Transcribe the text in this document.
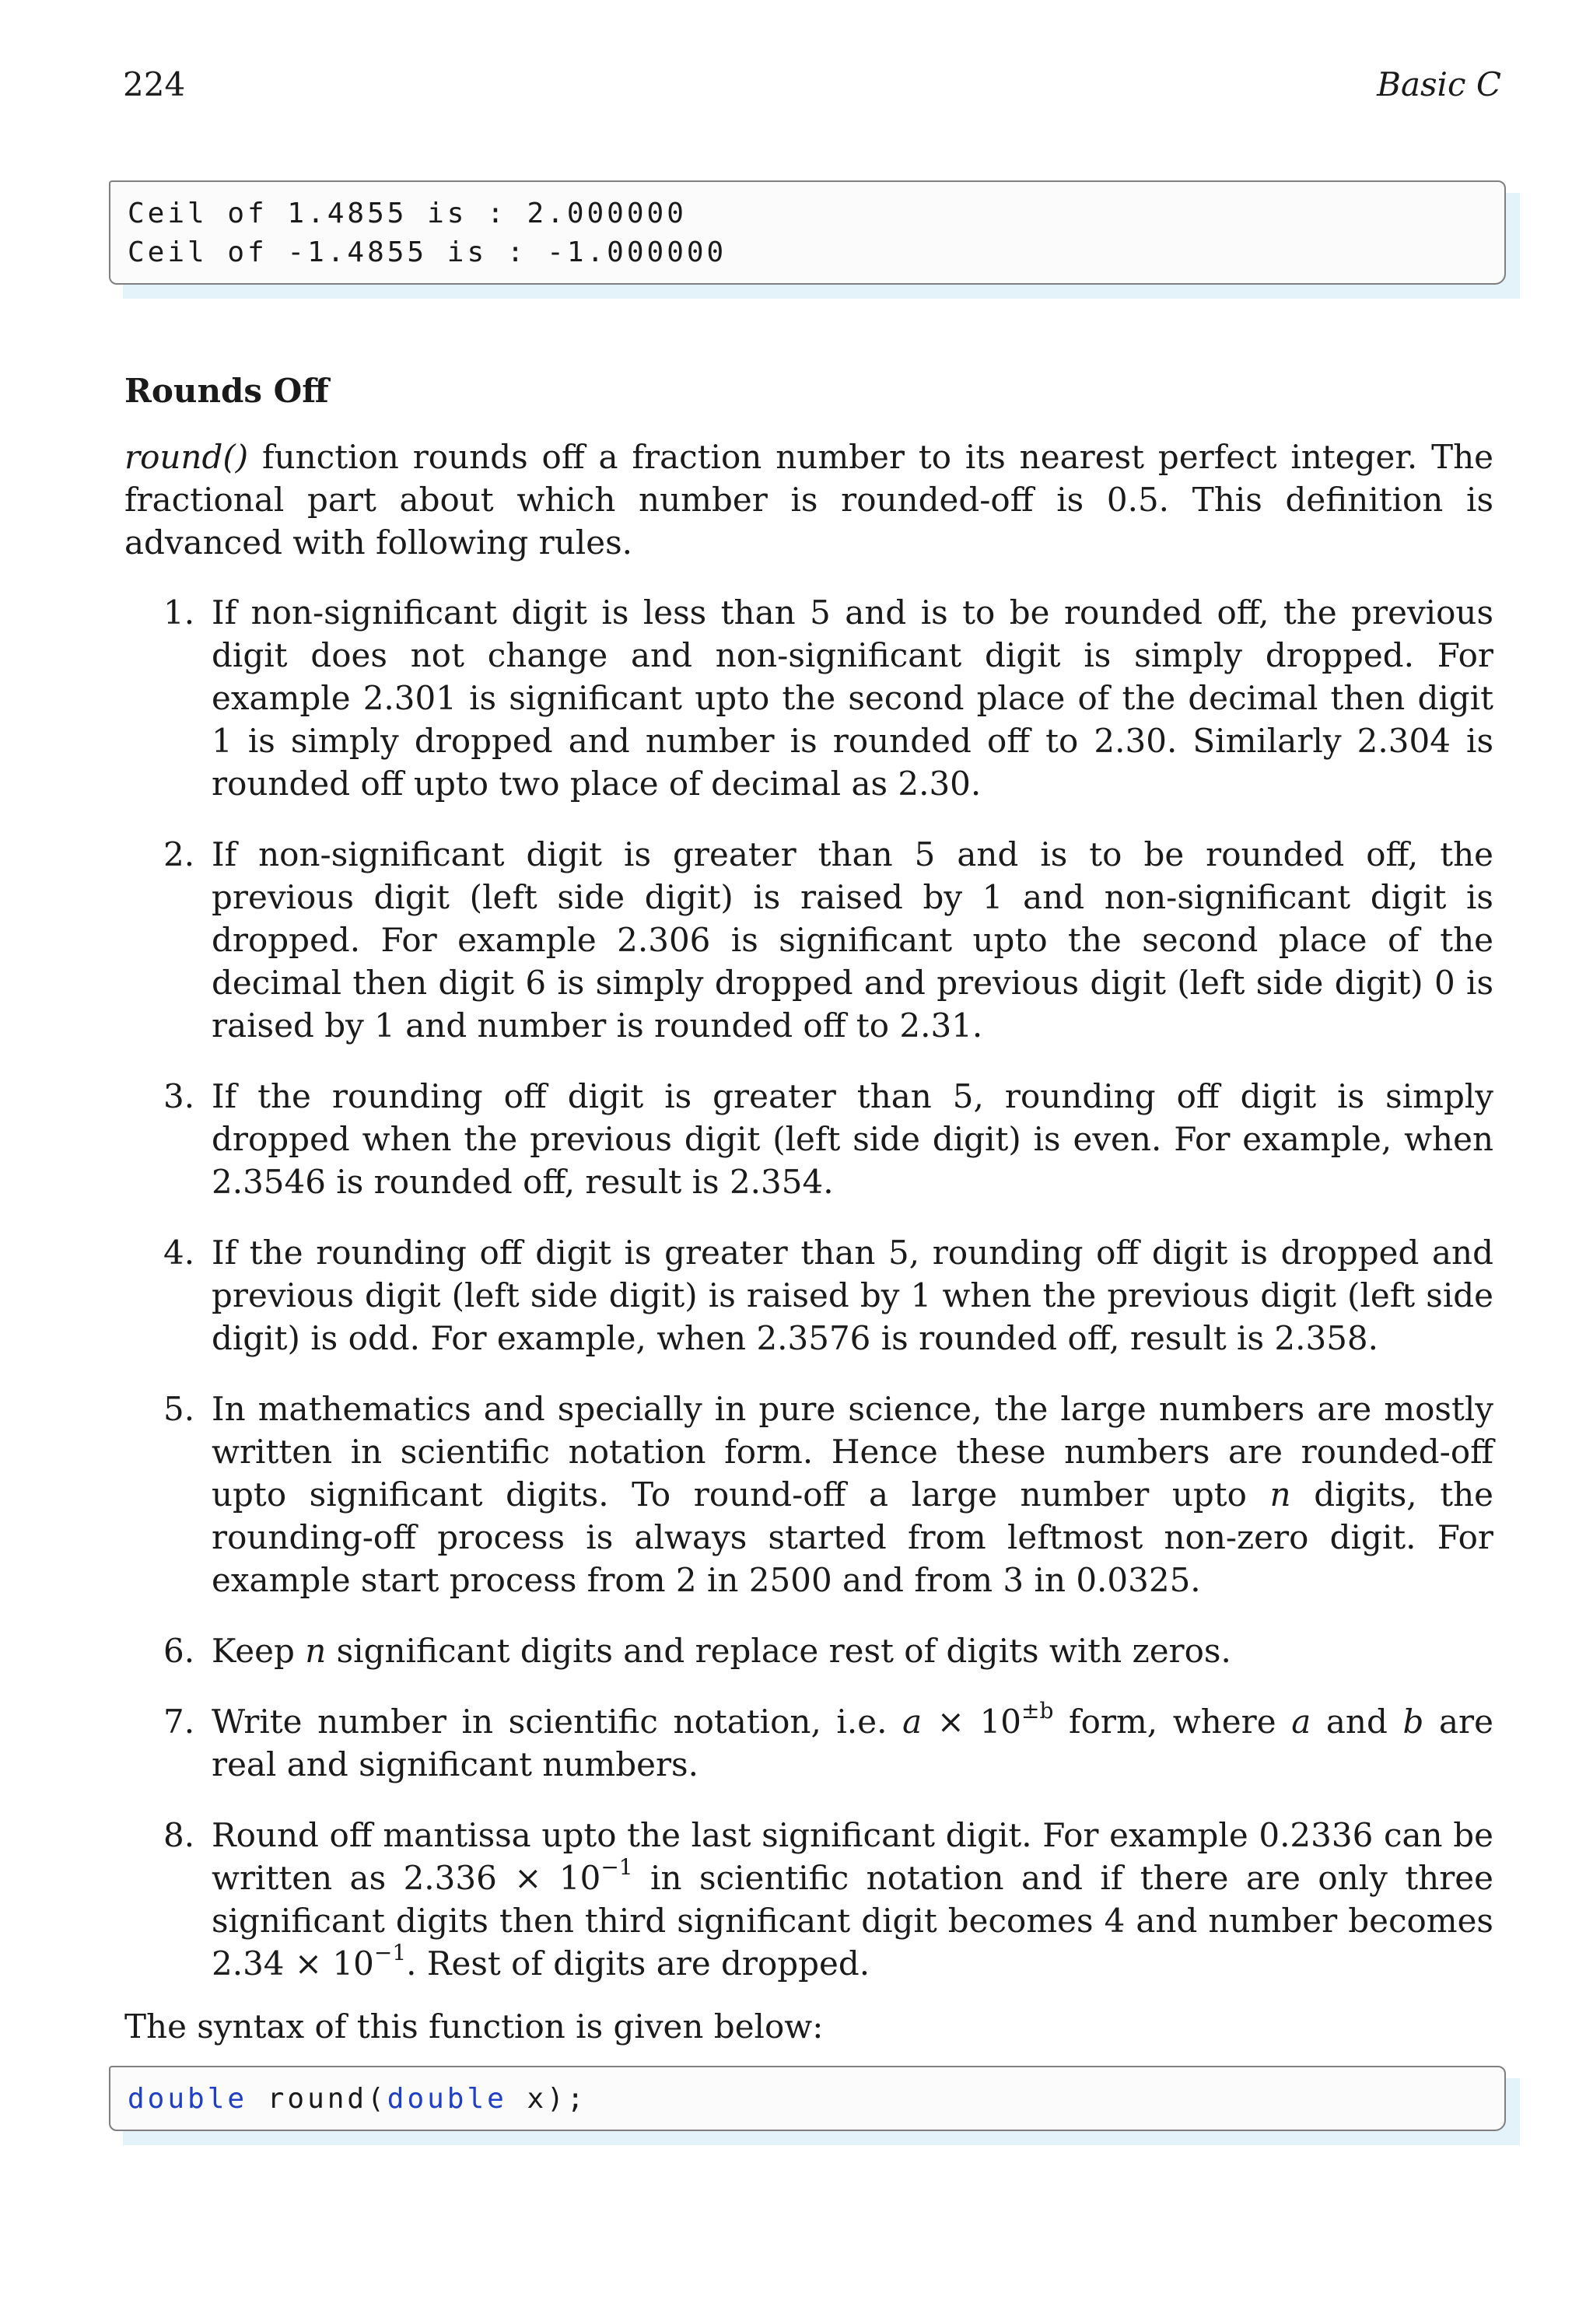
224	Basic C
Ceil of 1.4855 is : 2.000000
Ceil of -1.4855 is : -1.000000
Rounds Off
round() function rounds off a fraction number to its nearest perfect integer. The fractional part about which number is rounded-off is 0.5. This definition is advanced with following rules.
1. If non-significant digit is less than 5 and is to be rounded off, the previous digit does not change and non-significant digit is simply dropped. For example 2.301 is significant upto the second place of the decimal then digit 1 is simply dropped and number is rounded off to 2.30. Similarly 2.304 is rounded off upto two place of decimal as 2.30.
2. If non-significant digit is greater than 5 and is to be rounded off, the previous digit (left side digit) is raised by 1 and non-significant digit is dropped. For example 2.306 is significant upto the second place of the decimal then digit 6 is simply dropped and previous digit (left side digit) 0 is raised by 1 and number is rounded off to 2.31.
3. If the rounding off digit is greater than 5, rounding off digit is simply dropped when the previous digit (left side digit) is even. For example, when 2.3546 is rounded off, result is 2.354.
4. If the rounding off digit is greater than 5, rounding off digit is dropped and previous digit (left side digit) is raised by 1 when the previous digit (left side digit) is odd. For example, when 2.3576 is rounded off, result is 2.358.
5. In mathematics and specially in pure science, the large numbers are mostly written in scientific notation form. Hence these numbers are rounded-off upto significant digits. To round-off a large number upto n digits, the rounding-off process is always started from leftmost non-zero digit. For example start process from 2 in 2500 and from 3 in 0.0325.
6. Keep n significant digits and replace rest of digits with zeros.
7. Write number in scientific notation, i.e. $a \times 10^{\pm b}$ form, where a and b are real and significant numbers.
8. Round off mantissa upto the last significant digit. For example 0.2336 can be written as $2.336 \times 10^{-1}$ in scientific notation and if there are only three significant digits then third significant digit becomes 4 and number becomes $2.34 \times 10^{-1}$. Rest of digits are dropped.
The syntax of this function is given below:
double round(double x);
